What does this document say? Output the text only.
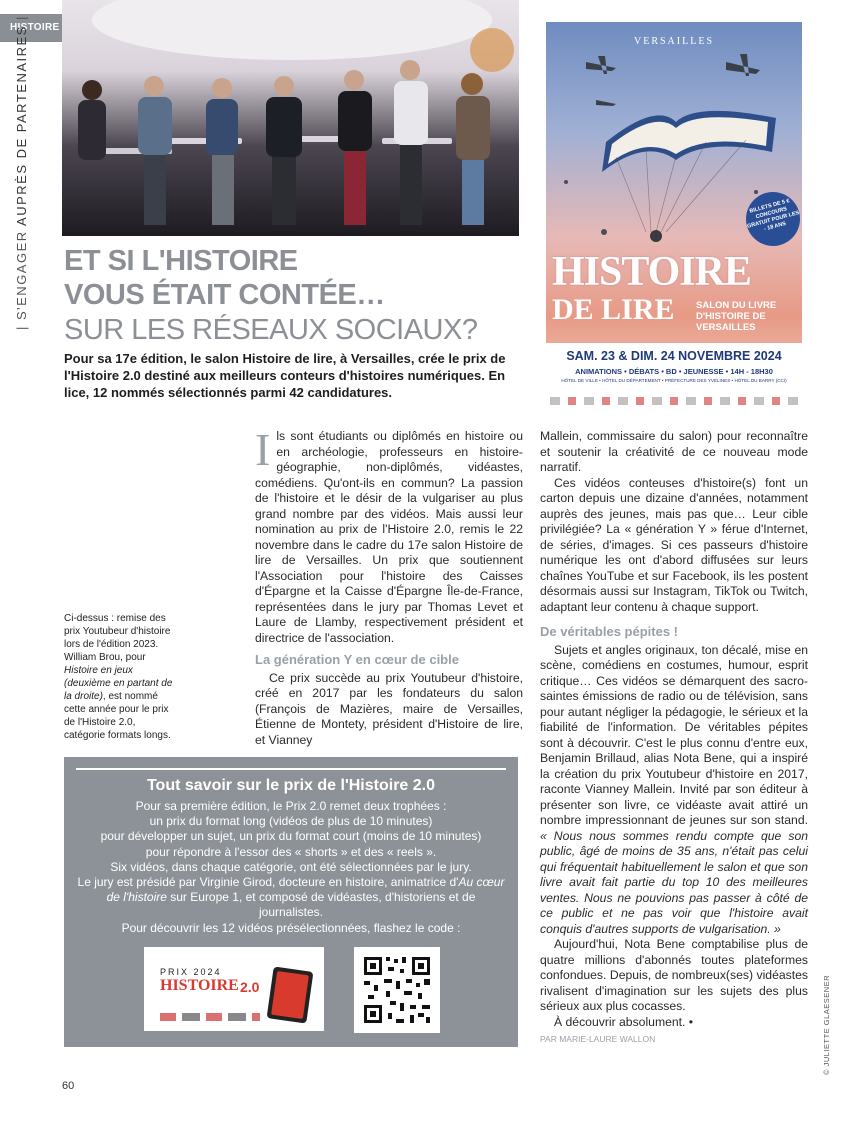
HISTOIRE
| S'ENGAGER AUPRÈS DE PARTENAIRES |
ET SI L'HISTOIRE
VOUS ÉTAIT CONTÉE…
SUR LES RÉSEAUX SOCIAUX?
Pour sa 17e édition, le salon Histoire de lire, à Versailles, crée le prix de l'Histoire 2.0 destiné aux meilleurs conteurs d'histoires numériques. En lice, 12 nommés sélectionnés parmi 42 candidatures.
VERSAILLES
BILLETS DE 5 € CONCOURS GRATUIT POUR LES - 18 ANS
HISTOIRE
DE LIRE SALON DU LIVRE D'HISTOIRE DE VERSAILLES
SAM. 23 & DIM. 24 NOVEMBRE 2024
ANIMATIONS • DÉBATS • BD • JEUNESSE • 14H - 18H30
HÔTEL DE VILLE • HÔTEL DU DÉPARTEMENT • PRÉFECTURE DES YVELINES • HÔTEL DU BARRY (CCI)

Ils sont étudiants ou diplômés en histoire ou en archéologie, professeurs en histoire-géographie, non-diplômés, vidéastes, comédiens. Qu'ont-ils en commun? La passion de l'histoire et le désir de la vulgariser au plus grand nombre par des vidéos. Mais aussi leur nomination au prix de l'Histoire 2.0, remis le 22 novembre dans le cadre du 17e salon Histoire de lire de Versailles. Un prix que soutiennent l'Association pour l'histoire des Caisses d'Épargne et la Caisse d'Épargne Île-de-France, représentées dans le jury par Thomas Levet et Laure de Llamby, respectivement président et directrice de l'association.

La génération Y en cœur de cible

Ce prix succède au prix Youtubeur d'histoire, créé en 2017 par les fondateurs du salon (François de Mazières, maire de Versailles, Étienne de Montety, président d'Histoire de lire, et Vianney

Ci-dessus : remise des prix Youtubeur d'histoire lors de l'édition 2023. William Brou, pour Histoire en jeux (deuxième en partant de la droite), est nommé cette année pour le prix de l'Histoire 2.0, catégorie formats longs.

Mallein, commissaire du salon) pour reconnaître et soutenir la créativité de ce nouveau mode narratif.

Ces vidéos conteuses d'histoire(s) font un carton depuis une dizaine d'années, notamment auprès des jeunes, mais pas que… Leur cible privilégiée? La « génération Y » férue d'Internet, de séries, d'images. Si ces passeurs d'histoire numérique les ont d'abord diffusées sur leurs chaînes YouTube et sur Facebook, ils les postent désormais aussi sur Instagram, TikTok ou Twitch, adaptant leur contenu à chaque support.

De véritables pépites !

Sujets et angles originaux, ton décalé, mise en scène, comédiens en costumes, humour, esprit critique… Ces vidéos se démarquent des sacro-saintes émissions de radio ou de télévision, sans pour autant négliger la pédagogie, le sérieux et la fiabilité de l'information. De véritables pépites sont à découvrir. C'est le plus connu d'entre eux, Benjamin Brillaud, alias Nota Bene, qui a inspiré la création du prix Youtubeur d'histoire en 2017, raconte Vianney Mallein. Invité par son éditeur à présenter son livre, ce vidéaste avait attiré un nombre impressionnant de jeunes sur son stand. « Nous nous sommes rendu compte que son public, âgé de moins de 35 ans, n'était pas celui qui fréquentait habituellement le salon et que son livre avait fait partie du top 10 des meilleures ventes. Nous ne pouvions pas passer à côté de ce public et ne pas voir que l'histoire avait conquis d'autres supports de vulgarisation. »

Aujourd'hui, Nota Bene comptabilise plus de quatre millions d'abonnés toutes plateformes confondues. Depuis, de nombreux(ses) vidéastes rivalisent d'imagination sur les sujets des plus sérieux aux plus cocasses.

À découvrir absolument. •

PAR MARIE-LAURE WALLON

Tout savoir sur le prix de l'Histoire 2.0
Pour sa première édition, le Prix 2.0 remet deux trophées :
un prix du format long (vidéos de plus de 10 minutes)
pour développer un sujet, un prix du format court (moins de 10 minutes)
pour répondre à l'essor des « shorts » et des « reels ».
Six vidéos, dans chaque catégorie, ont été sélectionnées par le jury.
Le jury est présidé par Virginie Girod, docteure en histoire, animatrice d'Au cœur de l'histoire sur Europe 1, et composé de vidéastes, d'historiens et de journalistes.
Pour découvrir les 12 vidéos présélectionnées, flashez le code :
PRIX 2024
HISTOIRE 2.0
60
© JULIETTE GLAESENER
